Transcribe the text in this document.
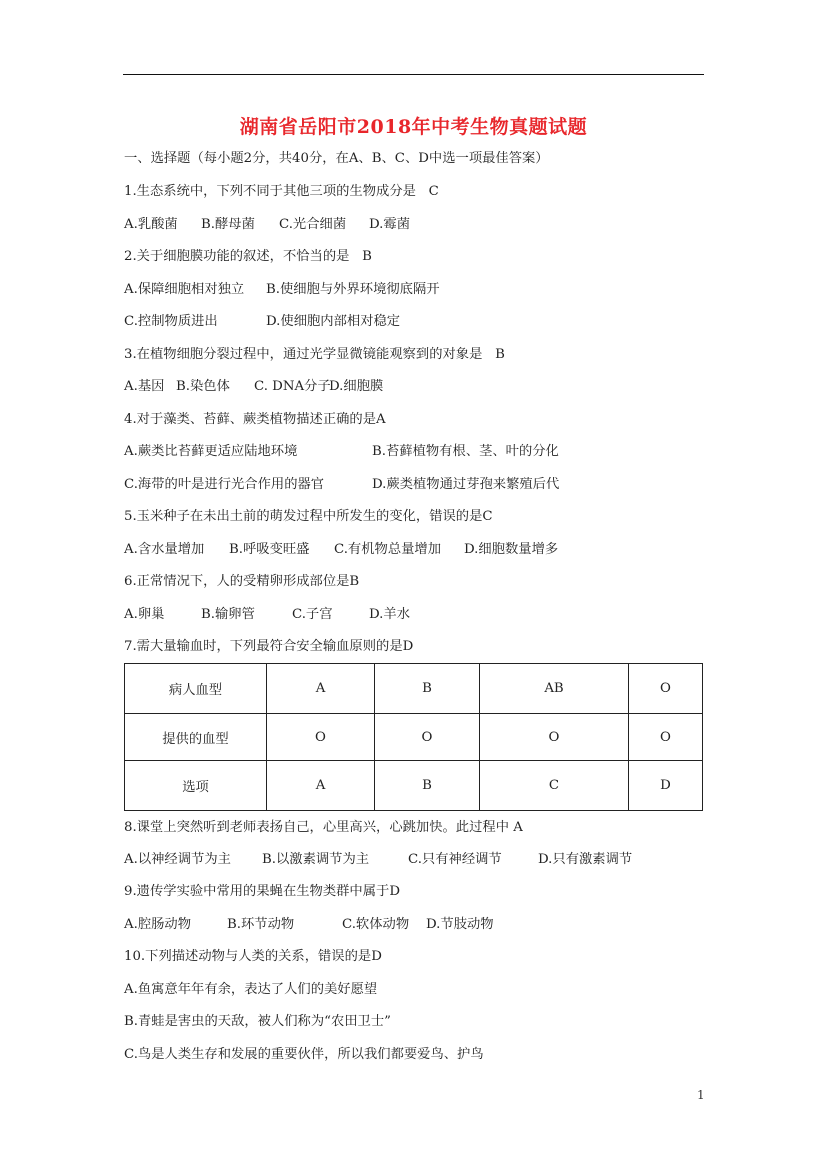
湖南省岳阳市2018年中考生物真题试题
一、选择题（每小题2分，共40分，在A、B、C、D中选一项最佳答案）
1.生态系统中，下列不同于其他三项的生物成分是   C
A.乳酸菌 B.酵母菌 C.光合细菌 D.霉菌
2.关于细胞膜功能的叙述，不恰当的是   B
A.保障细胞相对独立 B.使细胞与外界环境彻底隔开
C.控制物质进出	D.使细胞内部相对稳定
3.在植物细胞分裂过程中，通过光学显微镜能观察到的对象是   B
A.基因 B.染色体 C. DNA分子
D.细胞膜
4.对于藻类、苔藓、蕨类植物描述正确的是A
A.蕨类比苔藓更适应陆地环境	B.苔藓植物有根、茎、叶的分化
C.海带的叶是进行光合作用的器官	D.蕨类植物通过芽孢来繁殖后代
5.玉米种子在未出土前的萌发过程中所发生的变化，错误的是C
A.含水量增加 B.呼吸变旺盛 C.有机物总量增加 D.细胞数量增多
6.正常情况下，人的受精卵形成部位是B
A.卵巢	B.输卵管	C.子宫	D.羊水
7.需大量输血时，下列最符合安全输血原则的是D
病人血型	A	B	AB	O
提供的血型	O	O	O	O
选项	A	B	C	D
8.课堂上突然听到老师表扬自己，心里高兴，心跳加快。此过程中 A
A.以神经调节为主 B.以激素调节为主	C.只有神经调节	D.只有激素调节
9.遗传学实验中常用的果蝇在生物类群中属于D
A.腔肠动物	B.环节动物	C.软体动物 D.节肢动物
10.下列描述动物与人类的关系，错误的是D
A.鱼寓意年年有余，表达了人们的美好愿望
B.青蛙是害虫的天敌，被人们称为“农田卫士”
C.鸟是人类生存和发展的重要伙伴，所以我们都要爱鸟、护鸟
1
